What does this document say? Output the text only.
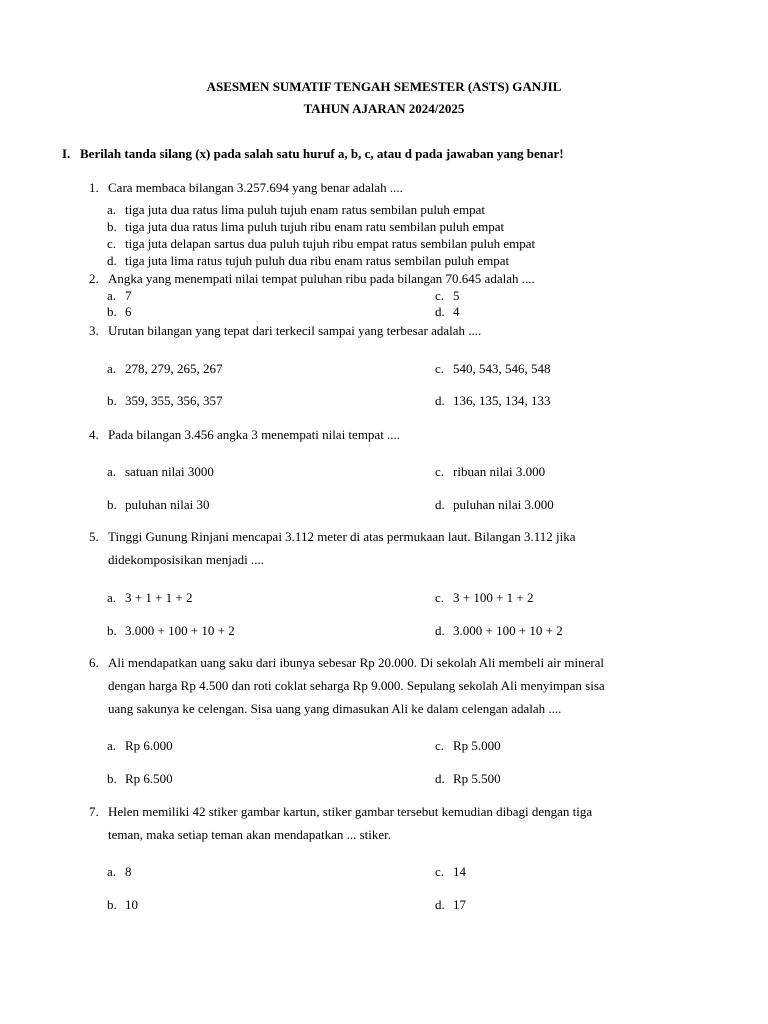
ASESMEN SUMATIF TENGAH SEMESTER (ASTS) GANJIL
TAHUN AJARAN 2024/2025
I. Berilah tanda silang (x) pada salah satu huruf a, b, c, atau d pada jawaban yang benar!
1. Cara membaca bilangan 3.257.694 yang benar adalah ....
a. tiga juta dua ratus lima puluh tujuh enam ratus sembilan puluh empat
b. tiga juta dua ratus lima puluh tujuh ribu enam ratu sembilan puluh empat
c. tiga juta delapan sartus dua puluh tujuh ribu empat ratus sembilan puluh empat
d. tiga juta lima ratus tujuh puluh dua ribu enam ratus sembilan puluh empat
2. Angka yang menempati nilai tempat puluhan ribu pada bilangan 70.645 adalah ....
a. 7
b. 6
c. 5
d. 4
3. Urutan bilangan yang tepat dari terkecil sampai yang terbesar adalah ....
a. 278, 279, 265, 267
b. 359, 355, 356, 357
c. 540, 543, 546, 548
d. 136, 135, 134, 133
4. Pada bilangan 3.456 angka 3 menempati nilai tempat ....
a. satuan nilai 3000
b. puluhan nilai 30
c. ribuan nilai 3.000
d. puluhan nilai 3.000
5. Tinggi Gunung Rinjani mencapai 3.112 meter di atas permukaan laut. Bilangan 3.112 jika
didekomposisikan menjadi ....
a. 3 + 1 + 1 + 2
b. 3.000 + 100 + 10 + 2
c. 3 + 100 + 1 + 2
d. 3.000 + 100 + 10 + 2
6. Ali mendapatkan uang saku dari ibunya sebesar Rp 20.000. Di sekolah Ali membeli air mineral
dengan harga Rp 4.500 dan roti coklat seharga Rp 9.000. Sepulang sekolah Ali menyimpan sisa
uang sakunya ke celengan. Sisa uang yang dimasukan Ali ke dalam celengan adalah ....
a. Rp 6.000
b. Rp 6.500
c. Rp 5.000
d. Rp 5.500
7. Helen memiliki 42 stiker gambar kartun, stiker gambar tersebut kemudian dibagi dengan tiga
teman, maka setiap teman akan mendapatkan ... stiker.
a. 8
b. 10
c. 14
d. 17
